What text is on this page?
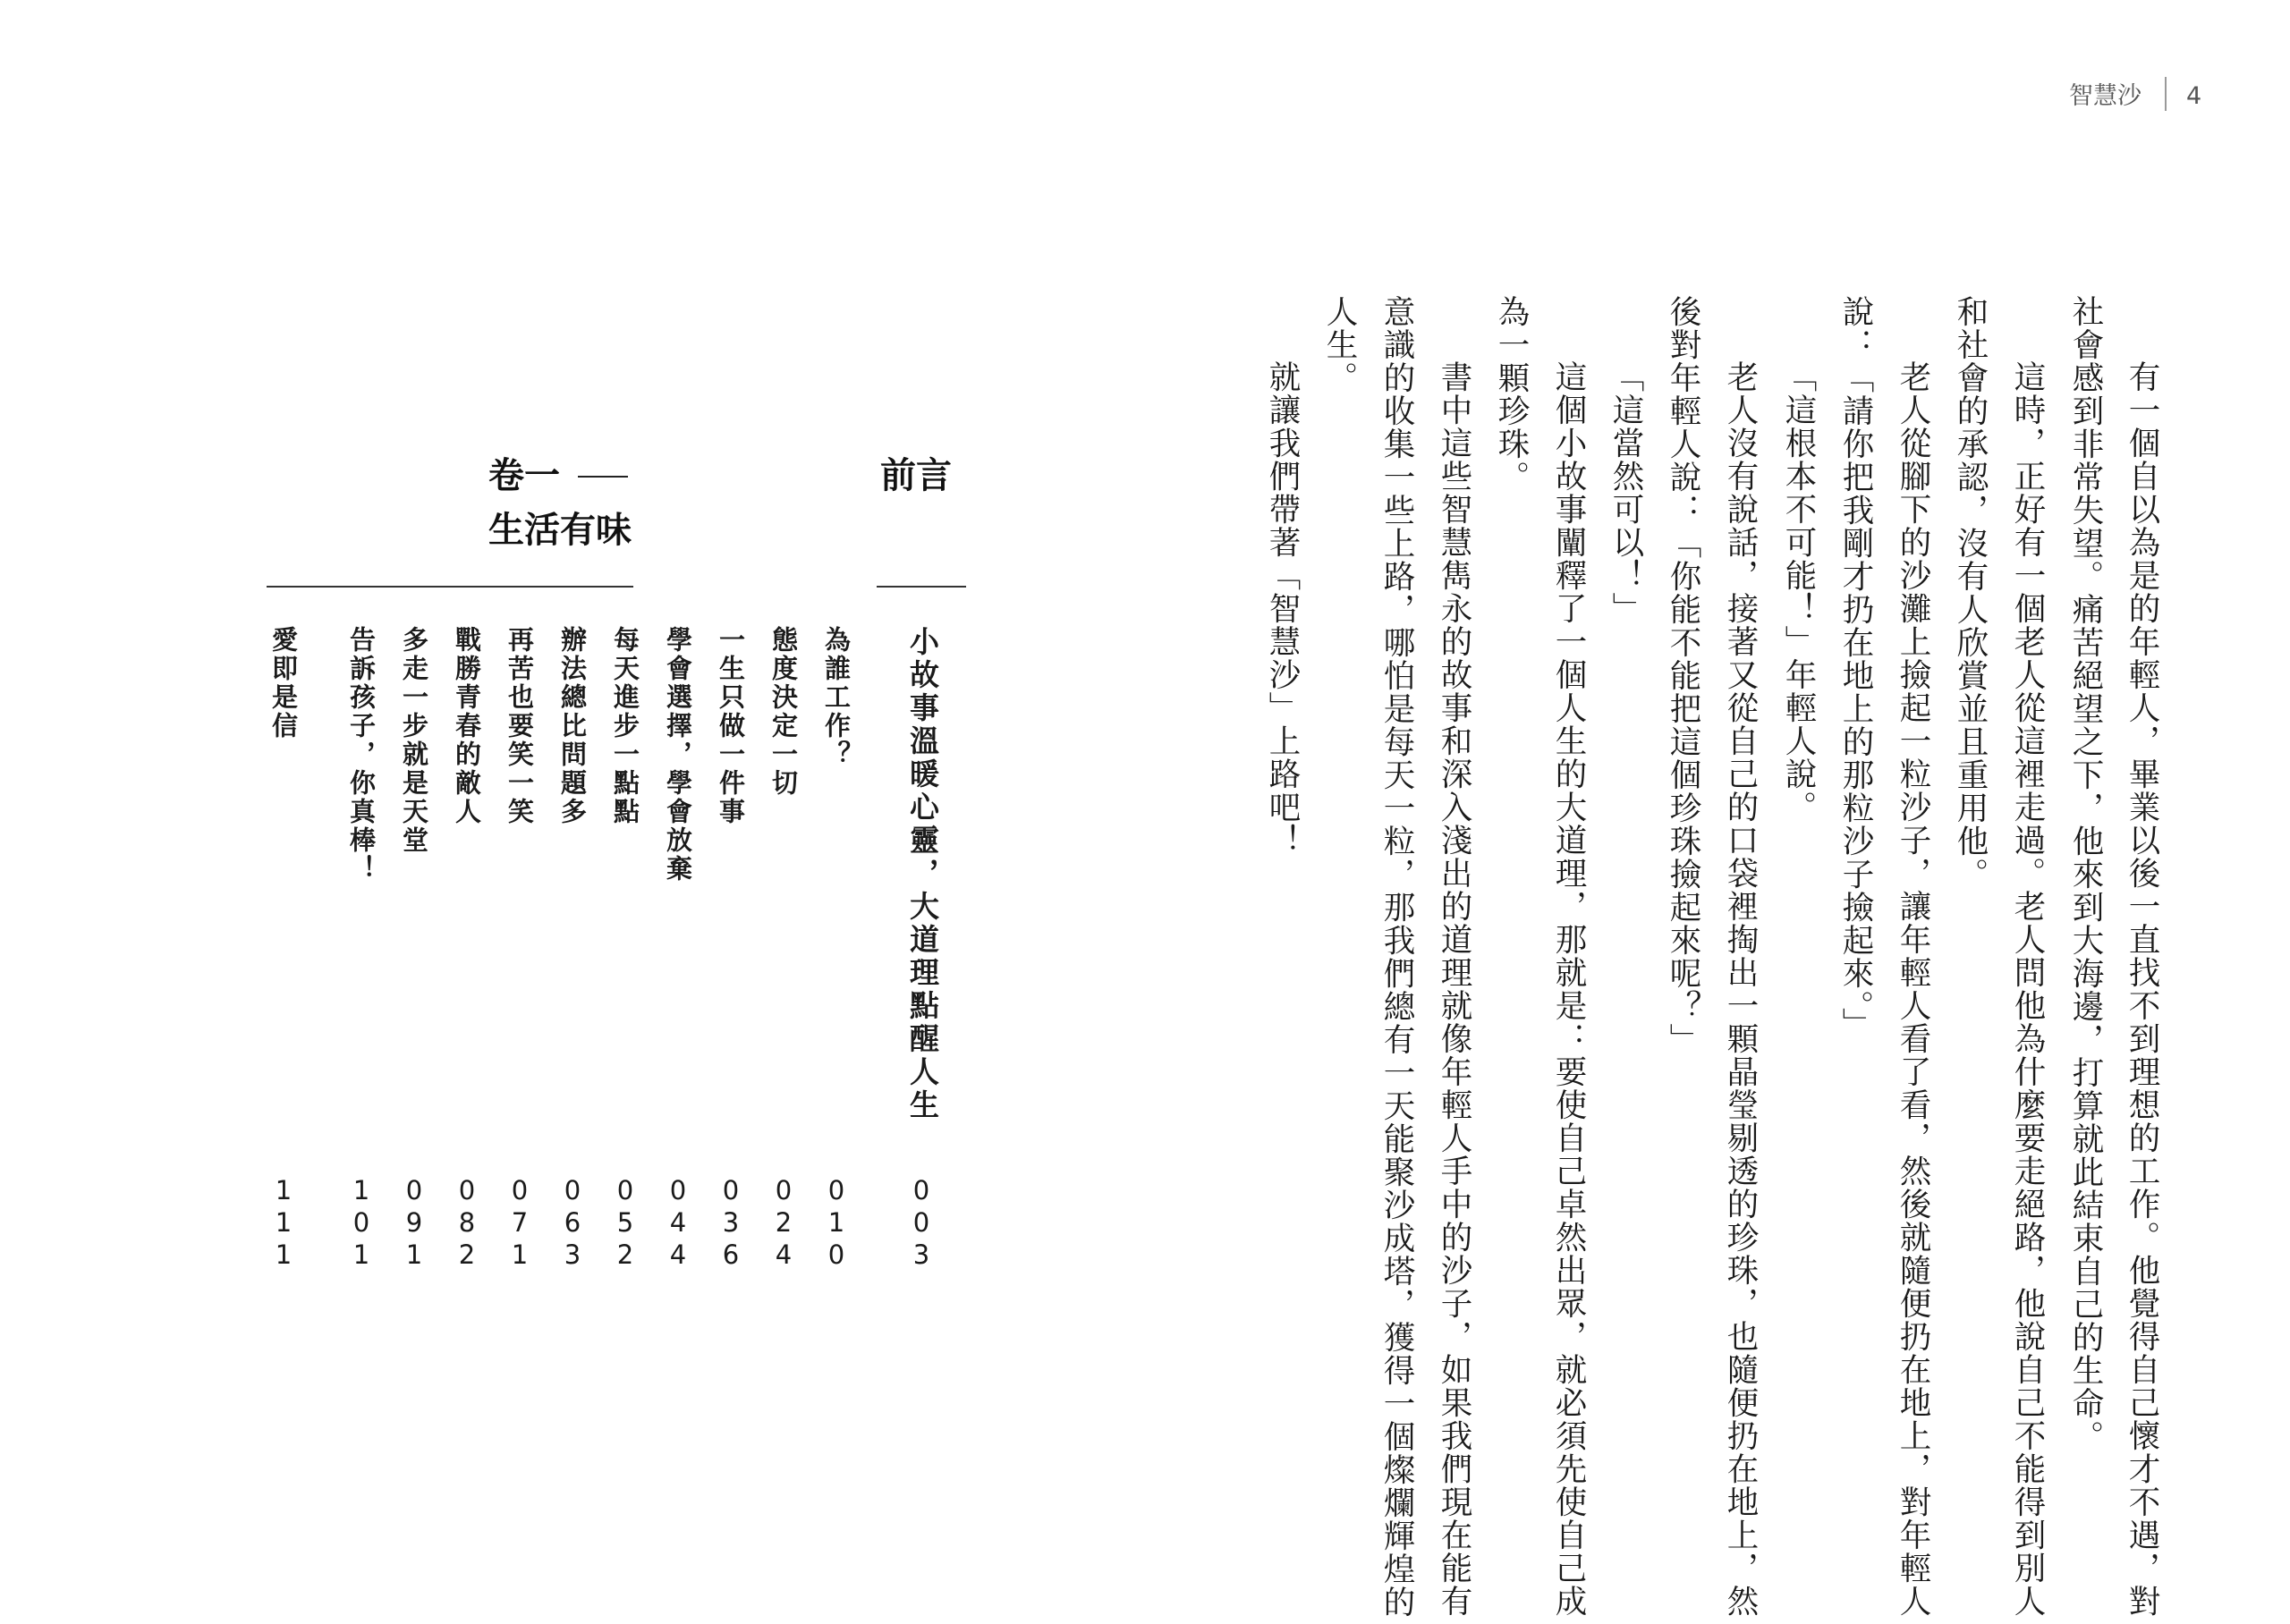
智慧沙 4
有一個自以為是的年輕人，畢業以後一直找不到理想的工作。他覺得自己懷才不遇，對
社會感到非常失望。痛苦絕望之下，他來到大海邊，打算就此結束自己的生命。
這時，正好有一個老人從這裡走過。老人問他為什麼要走絕路，他說自己不能得到別人
和社會的承認，沒有人欣賞並且重用他。
老人從腳下的沙灘上撿起一粒沙子，讓年輕人看了看，然後就隨便扔在地上，對年輕人
說：「請你把我剛才扔在地上的那粒沙子撿起來。」
「這根本不可能！」年輕人說。
老人沒有說話，接著又從自己的口袋裡掏出一顆晶瑩剔透的珍珠，也隨便扔在地上，然
後對年輕人說：「你能不能把這個珍珠撿起來呢？」
「這當然可以！」
這個小故事闡釋了一個人生的大道理，那就是：要使自己卓然出眾，就必須先使自己成
為一顆珍珠。
書中這些智慧雋永的故事和深入淺出的道理就像年輕人手中的沙子，如果我們現在能有
意識的收集一些上路，哪怕是每天一粒，那我們總有一天能聚沙成塔，獲得一個燦爛輝煌的
人生。
就讓我們帶著「智慧沙」上路吧！
前言
卷一
生活有味
小故事溫暖心靈，大道理點醒人生
003
為誰工作？
010
態度決定一切
024
一生只做一件事
036
學會選擇，學會放棄
044
每天進步一點點
052
辦法總比問題多
063
再苦也要笑一笑
071
戰勝青春的敵人
082
多走一步就是天堂
091
告訴孩子，你真棒！
101
愛即是信
111
